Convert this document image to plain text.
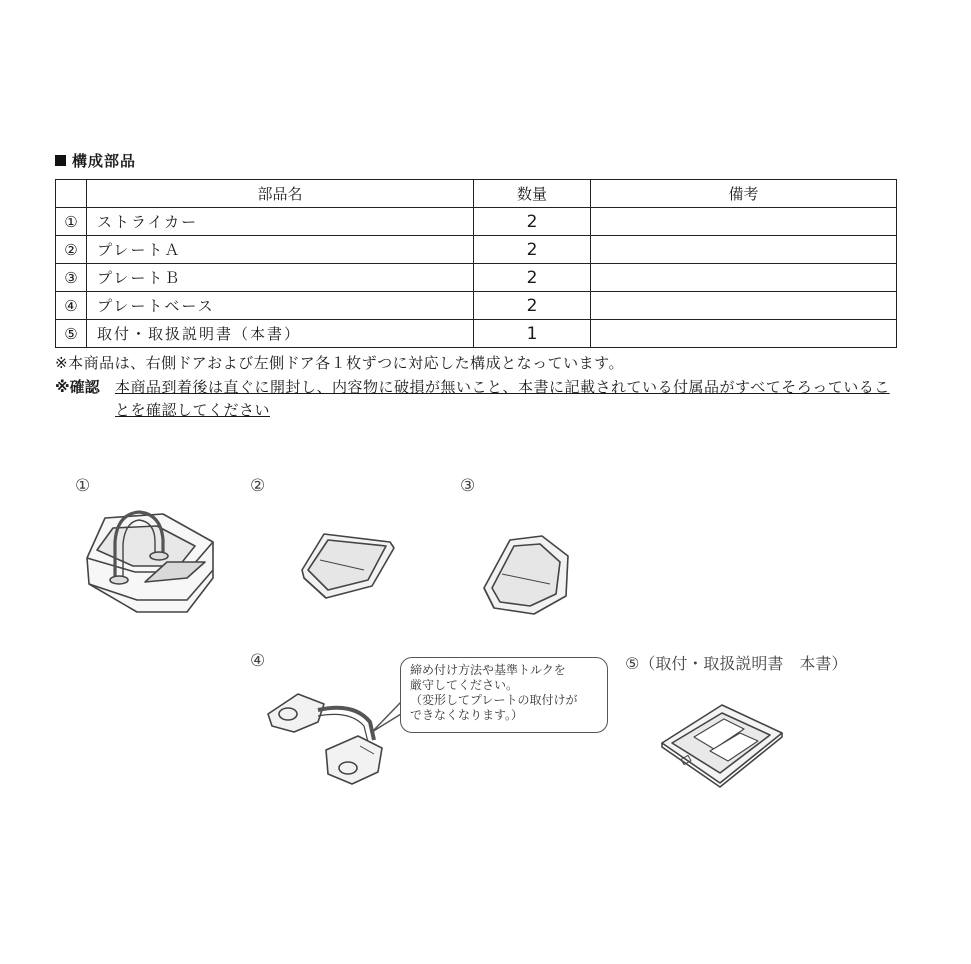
構成部品
	部品名	数量	備考
①	ストライカー	2	
②	プレートＡ	2	
③	プレートＢ	2	
④	プレートベース	2	
⑤	取付・取扱説明書（本書）	1	
※本商品は、右側ドアおよび左側ドア各１枚ずつに対応した構成となっています。
※確認 本商品到着後は直ぐに開封し、内容物に破損が無いこと、本書に記載されている付属品がすべてそろっていることを確認してください
①	②	③
④	⑤（取付・取扱説明書　本書）
締め付け方法や基準トルクを
厳守してください。
（変形してプレートの取付けが
できなくなります。）
